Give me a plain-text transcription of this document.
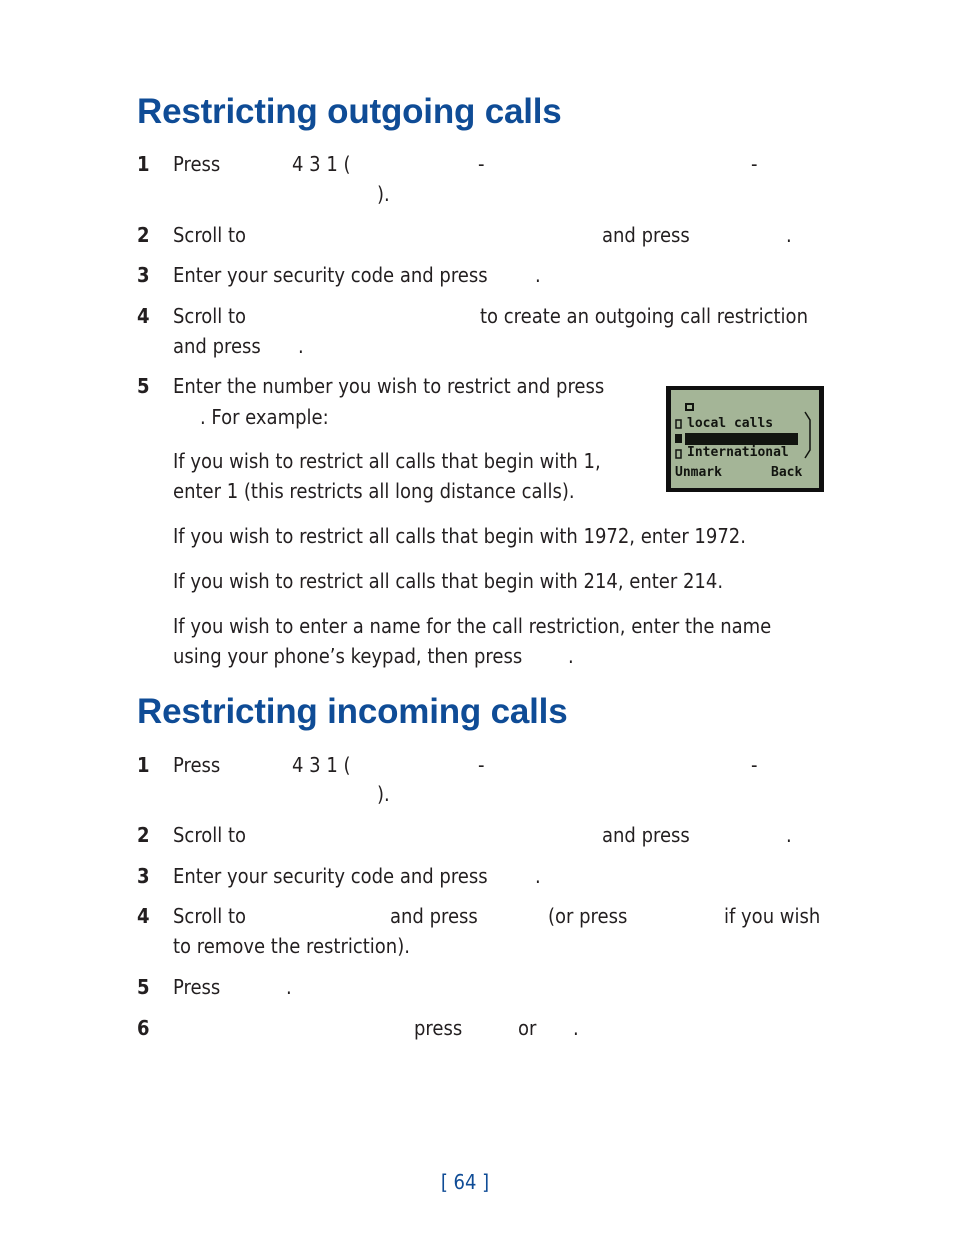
Restricting outgoing calls
1 Press	4 3 1 (	-	-
).
2 Scroll to	and press	.
3 Enter your security code and press .
4 Scroll to	to create an outgoing call restriction
and press .
5 Enter the number you wish to restrict and press
. For example:
If you wish to restrict all calls that begin with 1,
enter 1 (this restricts all long distance calls).
If you wish to restrict all calls that begin with 1972, enter 1972.
If you wish to restrict all calls that begin with 214, enter 214.
If you wish to enter a name for the call restriction, enter the name
using your phone’s keypad, then press .
local calls
International
Unmark	Back
Restricting incoming calls
1 Press	4 3 1 (	-	-
).
2 Scroll to	and press	.
3 Enter your security code and press .
4 Scroll to	and press	(or press	if you wish
to remove the restriction).
5 Press	.
6	press	or .
[ 64 ]
